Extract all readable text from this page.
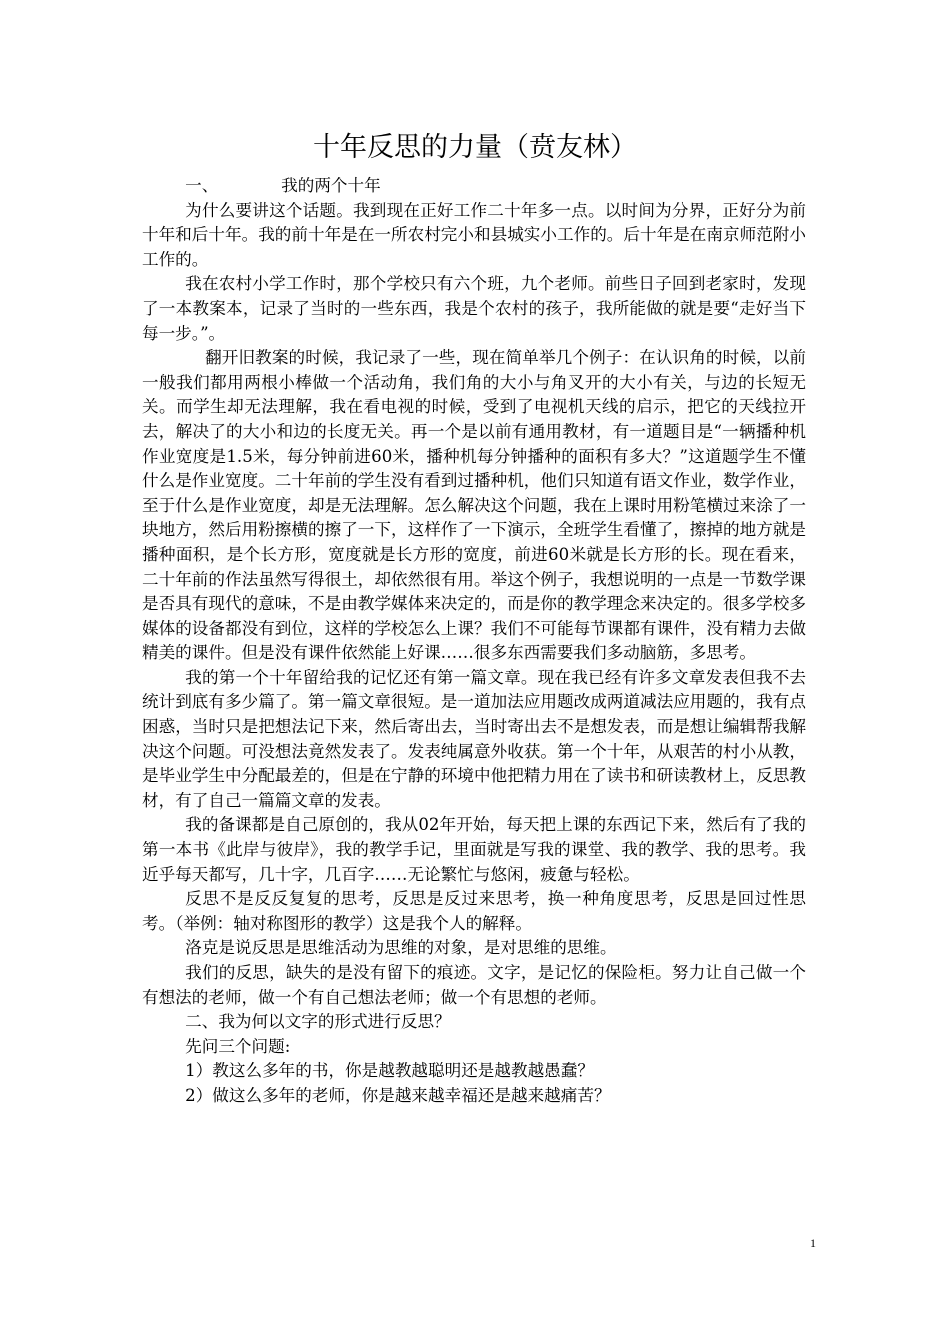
十年反思的力量（贲友林）
一、	我的两个十年

为什么要讲这个话题。我到现在正好工作二十年多一点。以时间为分界，正好分为前十年和后十年。我的前十年是在一所农村完小和县城实小工作的。后十年是在南京师范附小工作的。

我在农村小学工作时，那个学校只有六个班，九个老师。前些日子回到老家时，发现了一本教案本，记录了当时的一些东西，我是个农村的孩子，我所能做的就是要“走好当下每一步。”。

翻开旧教案的时候，我记录了一些，现在简单举几个例子：在认识角的时候，以前一般我们都用两根小棒做一个活动角，我们角的大小与角叉开的大小有关，与边的长短无关。而学生却无法理解，我在看电视的时候，受到了电视机天线的启示，把它的天线拉开去，解决了的大小和边的长度无关。再一个是以前有通用教材，有一道题目是“一辆播种机作业宽度是1.5米，每分钟前进60米，播种机每分钟播种的面积有多大？”这道题学生不懂什么是作业宽度。二十年前的学生没有看到过播种机，他们只知道有语文作业，数学作业，至于什么是作业宽度，却是无法理解。怎么解决这个问题，我在上课时用粉笔横过来涂了一块地方，然后用粉擦横的擦了一下，这样作了一下演示，全班学生看懂了，擦掉的地方就是播种面积，是个长方形，宽度就是长方形的宽度，前进60米就是长方形的长。现在看来，二十年前的作法虽然写得很土，却依然很有用。举这个例子，我想说明的一点是一节数学课是否具有现代的意味，不是由教学媒体来决定的，而是你的教学理念来决定的。很多学校多媒体的设备都没有到位，这样的学校怎么上课？我们不可能每节课都有课件，没有精力去做精美的课件。但是没有课件依然能上好课……很多东西需要我们多动脑筋，多思考。

我的第一个十年留给我的记忆还有第一篇文章。现在我已经有许多文章发表但我不去统计到底有多少篇了。第一篇文章很短。是一道加法应用题改成两道减法应用题的，我有点困惑，当时只是把想法记下来，然后寄出去，当时寄出去不是想发表，而是想让编辑帮我解决这个问题。可没想法竟然发表了。发表纯属意外收获。第一个十年，从艰苦的村小从教，是毕业学生中分配最差的，但是在宁静的环境中他把精力用在了读书和研读教材上，反思教材，有了自己一篇篇文章的发表。

我的备课都是自己原创的，我从02年开始，每天把上课的东西记下来，然后有了我的第一本书《此岸与彼岸》，我的教学手记，里面就是写我的课堂、我的教学、我的思考。我近乎每天都写，几十字，几百字……无论繁忙与悠闲，疲惫与轻松。

反思不是反反复复的思考，反思是反过来思考，换一种角度思考，反思是回过性思考。（举例：轴对称图形的教学）这是我个人的解释。

洛克是说反思是思维活动为思维的对象，是对思维的思维。

我们的反思，缺失的是没有留下的痕迹。文字，是记忆的保险柜。努力让自己做一个有想法的老师，做一个有自己想法老师；做一个有思想的老师。

二、我为何以文字的形式进行反思？

先问三个问题:

1）教这么多年的书，你是越教越聪明还是越教越愚蠢？

2）做这么多年的老师，你是越来越幸福还是越来越痛苦？

1
